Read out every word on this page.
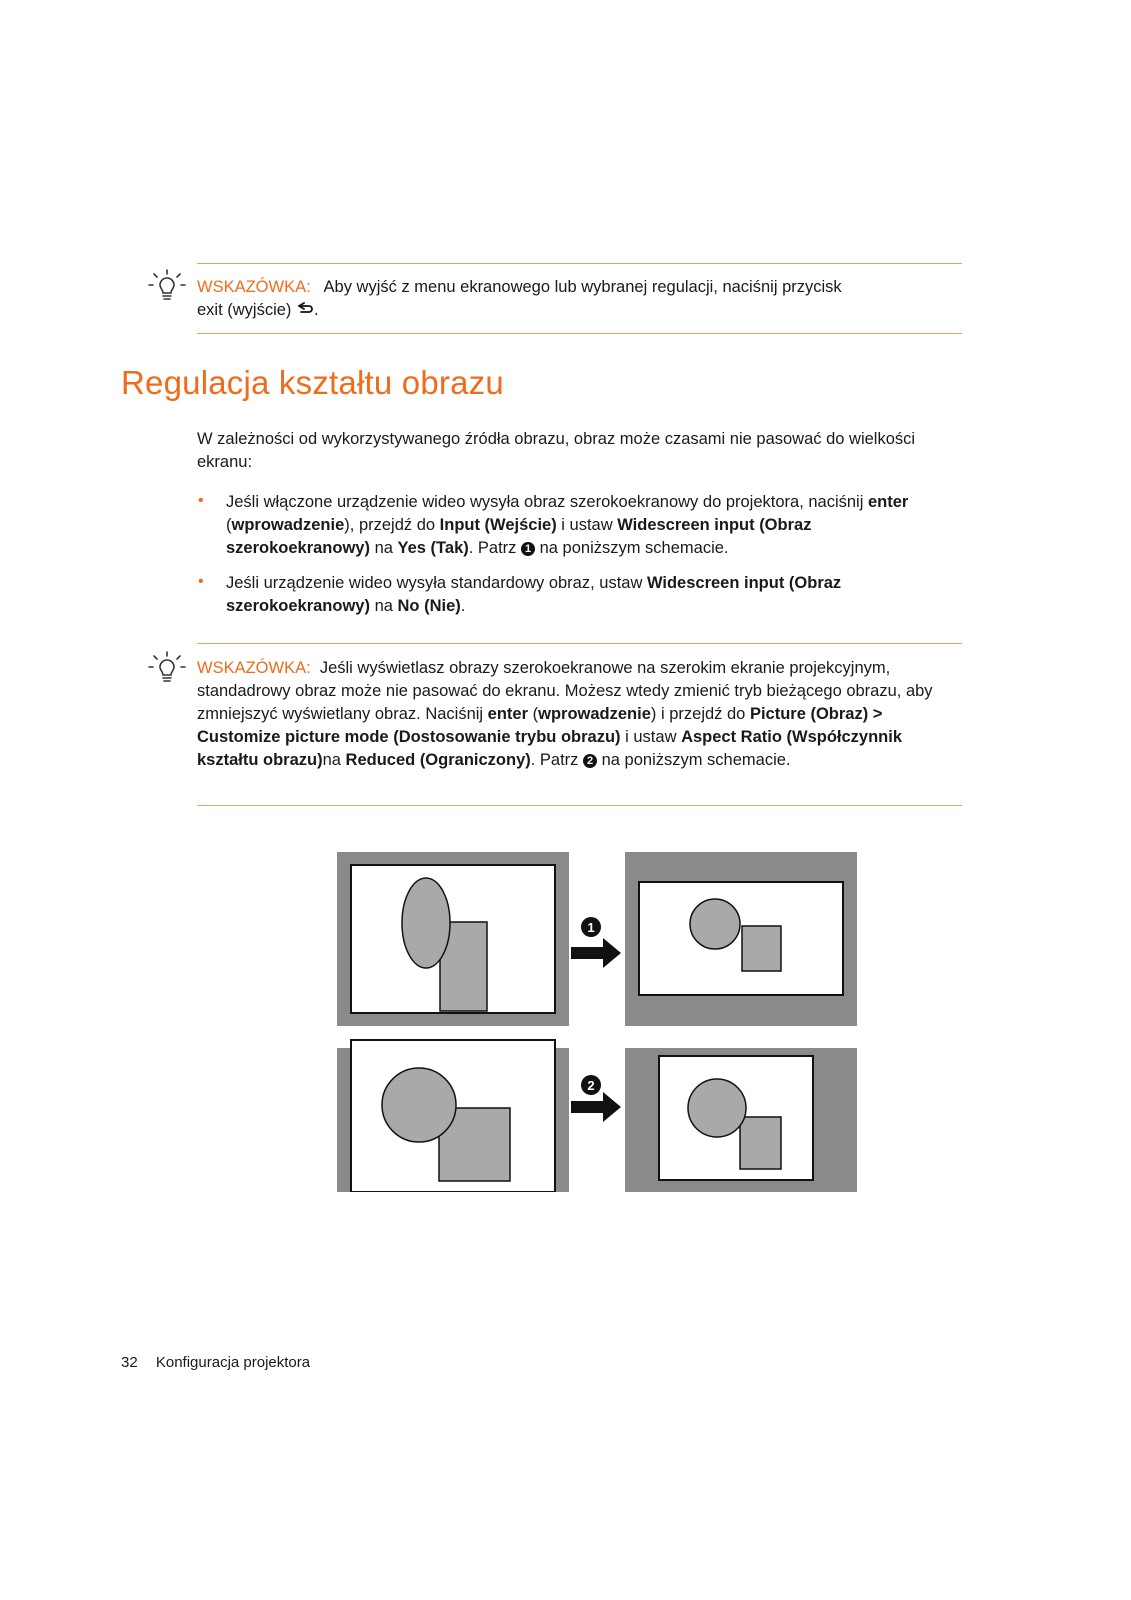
WSKAZÓWKA: Aby wyjść z menu ekranowego lub wybranej regulacji, naciśnij przycisk
exit (wyjście) .
Regulacja kształtu obrazu

W zależności od wykorzystywanego źródła obrazu, obraz może czasami nie pasować do wielkości ekranu:

• Jeśli włączone urządzenie wideo wysyła obraz szerokoekranowy do projektora, naciśnij enter (wprowadzenie), przejdź do Input (Wejście) i ustaw Widescreen input (Obraz szerokoekranowy) na Yes (Tak). Patrz 1 na poniższym schemacie.

• Jeśli urządzenie wideo wysyła standardowy obraz, ustaw Widescreen input (Obraz szerokoekranowy) na No (Nie).

WSKAZÓWKA: Jeśli wyświetlasz obrazy szerokoekranowe na szerokim ekranie projekcyjnym, standadrowy obraz może nie pasować do ekranu. Możesz wtedy zmienić tryb bieżącego obrazu, aby zmniejszyć wyświetlany obraz. Naciśnij enter (wprowadzenie) i przejdź do Picture (Obraz) > Customize picture mode (Dostosowanie trybu obrazu) i ustaw Aspect Ratio (Współczynnik kształtu obrazu)na Reduced (Ograniczony). Patrz 2 na poniższym schemacie.
1
2
32 Konfiguracja projektora
